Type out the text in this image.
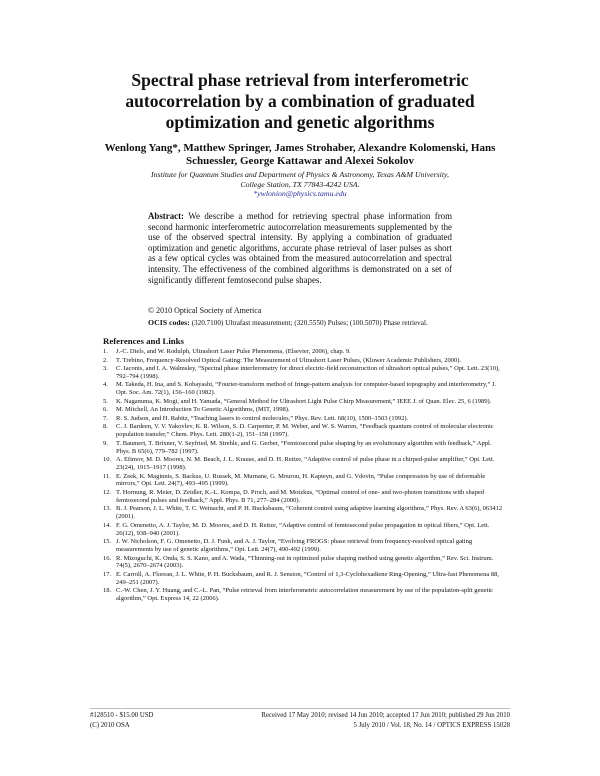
Spectral phase retrieval from interferometric autocorrelation by a combination of graduated optimization and genetic algorithms
Wenlong Yang*, Matthew Springer, James Strohaber, Alexandre Kolomenski, Hans Schuessler, George Kattawar and Alexei Sokolov
Institute for Quantum Studies and Department of Physics & Astronomy, Texas A&M University,
College Station, TX 77843-4242 USA.
*ywlonion@physics.tamu.edu
Abstract: We describe a method for retrieving spectral phase information from second harmonic interferometric autocorrelation measurements supplemented by the use of the observed spectral intensity. By applying a combination of graduated optimization and genetic algorithms, accurate phase retrieval of laser pulses as short as a few optical cycles was obtained from the measured autocorrelation and spectral intensity. The effectiveness of the combined algorithms is demonstrated on a set of significantly different femtosecond pulse shapes.
© 2010 Optical Society of America
OCIS codes: (320.7100) Ultrafast measurement; (320.5550) Pulses; (100.5070) Phase retrieval.
References and Links
1. J.-C. Diels, and W. Rodulph, Ultrashort Laser Pulse Phenomena, (Elsevier, 2006), chap. 9.
2. T. Trebino, Frequency-Resolved Optical Gating: The Measurement of Ultrashort Laser Pulses, (Kluwer Academic Publishers, 2000).
3. C. Iaconis, and I. A. Walmsley, “Spectral phase interferometry for direct electric-field reconstruction of ultrashort optical pulses,” Opt. Lett. 23(10), 792–794 (1998).
4. M. Takeda, H. Ina, and S. Kobayashi, “Fourier-transform method of fringe-pattern analysis for computer-based topography and interferometry,” J. Opt. Soc. Am. 72(1), 156–160 (1982).
5. K. Naganuma, K. Mogi, and H. Yamada, “General Method for Ultrashort Light Pulse Chirp Measurement,” IEEE J. of Quan. Elec. 25, 6 (1989).
6. M. Mitchell, An Introduction To Genetic Algorithms, (MIT, 1998).
7. R. S. Judson, and H. Rabitz, “Teaching lasers to control molecules,” Phys. Rev. Lett. 68(10), 1500–1503 (1992).
8. C. J. Bardeen, V. V. Yakovlev, K. R. Wilson, S. D. Carpenter, P. M. Weber, and W. S. Warren, “Feedback quantum control of molecular electronic population transfer,” Chem. Phys. Lett. 280(1-2), 151–158 (1997).
9. T. Baumert, T. Brixner, V. Seyfried, M. Strehle, and G. Gerber, “Femtosecond pulse shaping by an evolutionary algorithm with feedback,” Appl. Phys. B 65(6), 779–782 (1997).
10. A. Efimov, M. D. Moores, N. M. Beach, J. L. Krause, and D. H. Reitze, “Adaptive control of pulse phase in a chirped-pulse amplifier,” Opt. Lett. 23(24), 1915–1917 (1998).
11. E. Zeek, K. Maginnis, S. Backus, U. Russek, M. Murnane, G. Mourou, H. Kapteyn, and G. Vdovin, “Pulse compression by use of deformable mirrors,” Opt. Lett. 24(7), 493–495 (1999).
12. T. Hornung, R. Meier, D. Zeidler, K.-L. Kompa, D. Proch, and M. Motzkus, “Optimal control of one- and two-photon transitions with shaped femtosecond pulses and feedback,” Appl. Phys. B 71, 277–284 (2000).
13. B. J. Pearson, J. L. White, T. C. Weinacht, and P. H. Bucksbaum, “Coherent control using adaptive learning algorithms,” Phys. Rev. A 63(6), 063412 (2001).
14. F. G. Omenetto, A. J. Taylor, M. D. Moores, and D. H. Reitze, “Adaptive control of femtosecond pulse propagation in optical fibers,” Opt. Lett. 26(12), 938–940 (2001).
15. J. W. Nicholson, F. G. Omenetto, D. J. Funk, and A. J. Taylor, “Evolving FROGS: phase retrieval from frequency-resolved optical gating measurements by use of genetic algorithms,” Opt. Lett. 24(7), 490-492 (1999).
16. R. Mizoguchi, K. Onda, S. S. Kano, and A. Wada, “Thinning-out in optimized pulse shaping method using genetic algorithm,” Rev. Sci. Instrum. 74(5), 2670–2674 (2003).
17. E. Carroll, A. Florean, J. L. White, P. H. Bucksbaum, and R. J. Sension, “Control of 1,3-Cyclohexadiene Ring-Opening,” Ultra-fast Phenomena 88, 249–251 (2007).
18. C.-W. Chen, J. Y. Huang, and C.-L. Pan, “Pulse retrieval from interferometric autocorrelation measurement by use of the population-split genetic algorithm,” Opt. Express 14, 22 (2006).
#128510 - $15.00 USD	Received 17 May 2010; revised 14 Jun 2010; accepted 17 Jun 2010; published 29 Jun 2010
(C) 2010 OSA	5 July 2010 / Vol. 18, No. 14 / OPTICS EXPRESS 15028
